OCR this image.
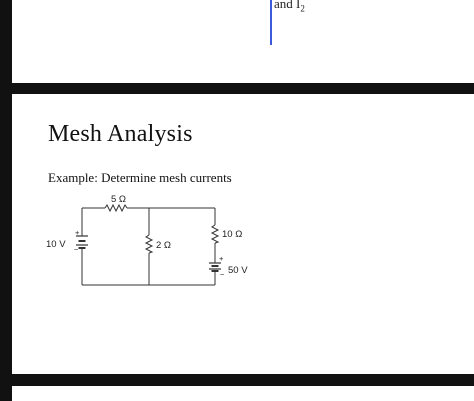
and $I_2$
Mesh Analysis
Example: Determine mesh currents
5 Ω
2 Ω
10 Ω
10 V
50 V
+
−
+
−
